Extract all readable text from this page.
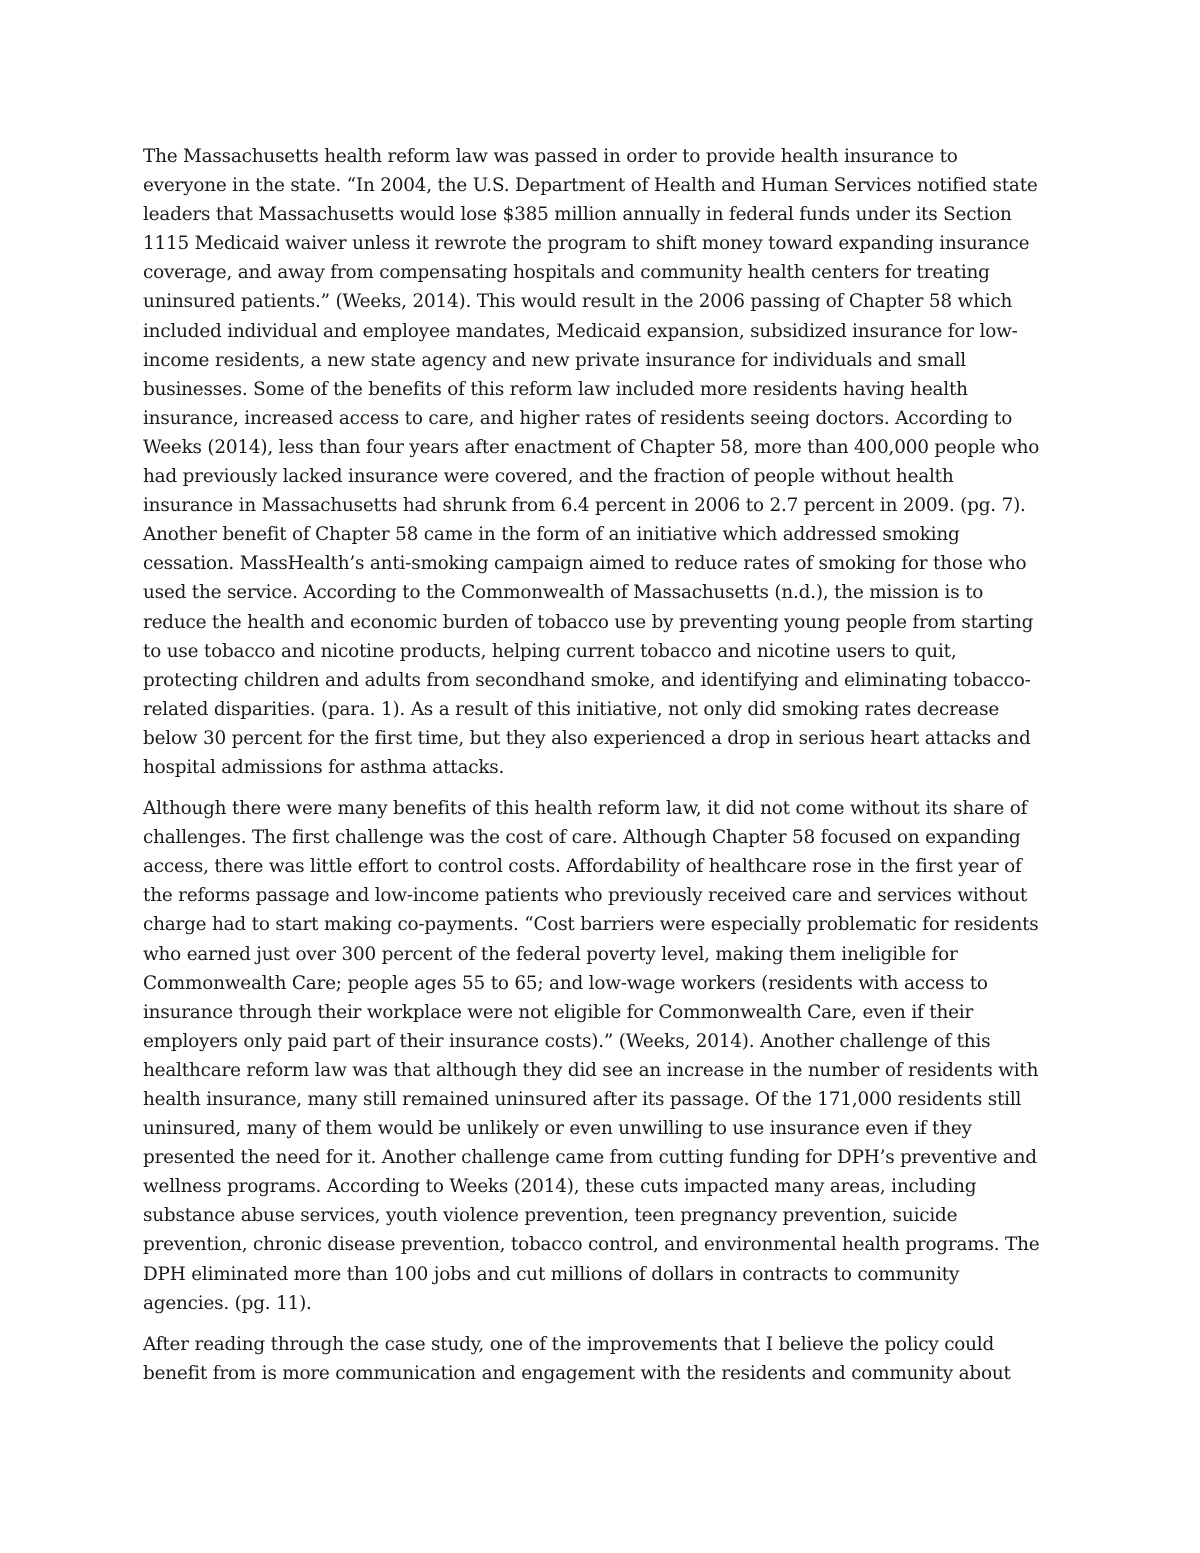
The Massachusetts health reform law was passed in order to provide health insurance to
everyone in the state. “In 2004, the U.S. Department of Health and Human Services notified state
leaders that Massachusetts would lose $385 million annually in federal funds under its Section
1115 Medicaid waiver unless it rewrote the program to shift money toward expanding insurance
coverage, and away from compensating hospitals and community health centers for treating
uninsured patients.” (Weeks, 2014). This would result in the 2006 passing of Chapter 58 which
included individual and employee mandates, Medicaid expansion, subsidized insurance for low-
income residents, a new state agency and new private insurance for individuals and small
businesses. Some of the benefits of this reform law included more residents having health
insurance, increased access to care, and higher rates of residents seeing doctors. According to
Weeks (2014), less than four years after enactment of Chapter 58, more than 400,000 people who
had previously lacked insurance were covered, and the fraction of people without health
insurance in Massachusetts had shrunk from 6.4 percent in 2006 to 2.7 percent in 2009. (pg. 7).
Another benefit of Chapter 58 came in the form of an initiative which addressed smoking
cessation. MassHealth’s anti-smoking campaign aimed to reduce rates of smoking for those who
used the service. According to the Commonwealth of Massachusetts (n.d.), the mission is to
reduce the health and economic burden of tobacco use by preventing young people from starting
to use tobacco and nicotine products, helping current tobacco and nicotine users to quit,
protecting children and adults from secondhand smoke, and identifying and eliminating tobacco-
related disparities. (para. 1). As a result of this initiative, not only did smoking rates decrease
below 30 percent for the first time, but they also experienced a drop in serious heart attacks and
hospital admissions for asthma attacks.

Although there were many benefits of this health reform law, it did not come without its share of
challenges. The first challenge was the cost of care. Although Chapter 58 focused on expanding
access, there was little effort to control costs. Affordability of healthcare rose in the first year of
the reforms passage and low-income patients who previously received care and services without
charge had to start making co-payments. “Cost barriers were especially problematic for residents
who earned just over 300 percent of the federal poverty level, making them ineligible for
Commonwealth Care; people ages 55 to 65; and low-wage workers (residents with access to
insurance through their workplace were not eligible for Commonwealth Care, even if their
employers only paid part of their insurance costs).” (Weeks, 2014). Another challenge of this
healthcare reform law was that although they did see an increase in the number of residents with
health insurance, many still remained uninsured after its passage. Of the 171,000 residents still
uninsured, many of them would be unlikely or even unwilling to use insurance even if they
presented the need for it. Another challenge came from cutting funding for DPH’s preventive and
wellness programs. According to Weeks (2014), these cuts impacted many areas, including
substance abuse services, youth violence prevention, teen pregnancy prevention, suicide
prevention, chronic disease prevention, tobacco control, and environmental health programs. The
DPH eliminated more than 100 jobs and cut millions of dollars in contracts to community
agencies. (pg. 11).

After reading through the case study, one of the improvements that I believe the policy could
benefit from is more communication and engagement with the residents and community about
